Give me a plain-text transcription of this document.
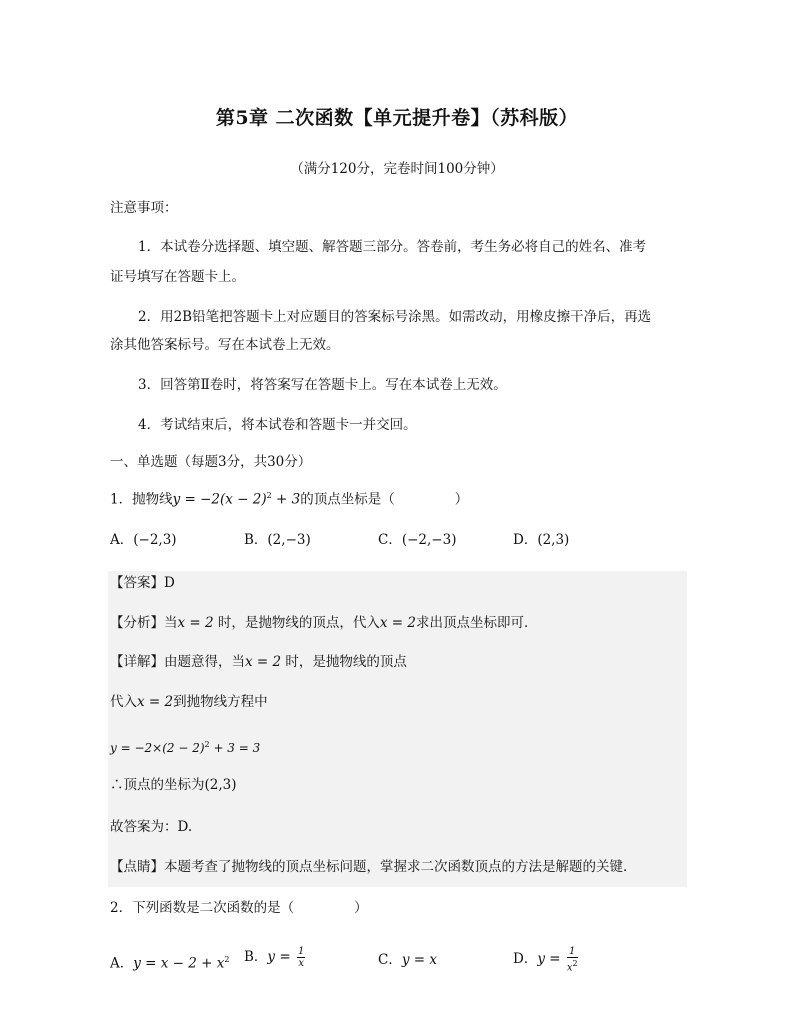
第5章 二次函数【单元提升卷】（苏科版）
（满分120分，完卷时间100分钟）
注意事项：
1．本试卷分选择题、填空题、解答题三部分。答卷前，考生务必将自己的姓名、准考
证号填写在答题卡上。
2．用2B铅笔把答题卡上对应题目的答案标号涂黑。如需改动，用橡皮擦干净后，再选
涂其他答案标号。写在本试卷上无效。
3．回答第Ⅱ卷时，将答案写在答题卡上。写在本试卷上无效。
4．考试结束后，将本试卷和答题卡一并交回。
一、单选题（每题3分，共30分）
1．抛物线$y = -2(x - 2)^2 + 3$的顶点坐标是（	）
A．(−2,3)	B．(2,−3)	C．(−2,−3)	D．(2,3)
【答案】D
【分析】当x = 2 时，是抛物线的顶点，代入x = 2求出顶点坐标即可．
【详解】由题意得，当x = 2 时，是抛物线的顶点
代入x = 2到抛物线方程中
$y = -2\times(2 - 2)^2 + 3 = 3$
∴顶点的坐标为(2,3)
故答案为：D.
【点睛】本题考查了抛物线的顶点坐标问题，掌握求二次函数顶点的方法是解题的关键．
2．下列函数是二次函数的是（	）
A．$y = x - 2 + x^2$ B．$y = \frac{1}{x}$	C．y = x	D．$y = \frac{1}{x^2}$
